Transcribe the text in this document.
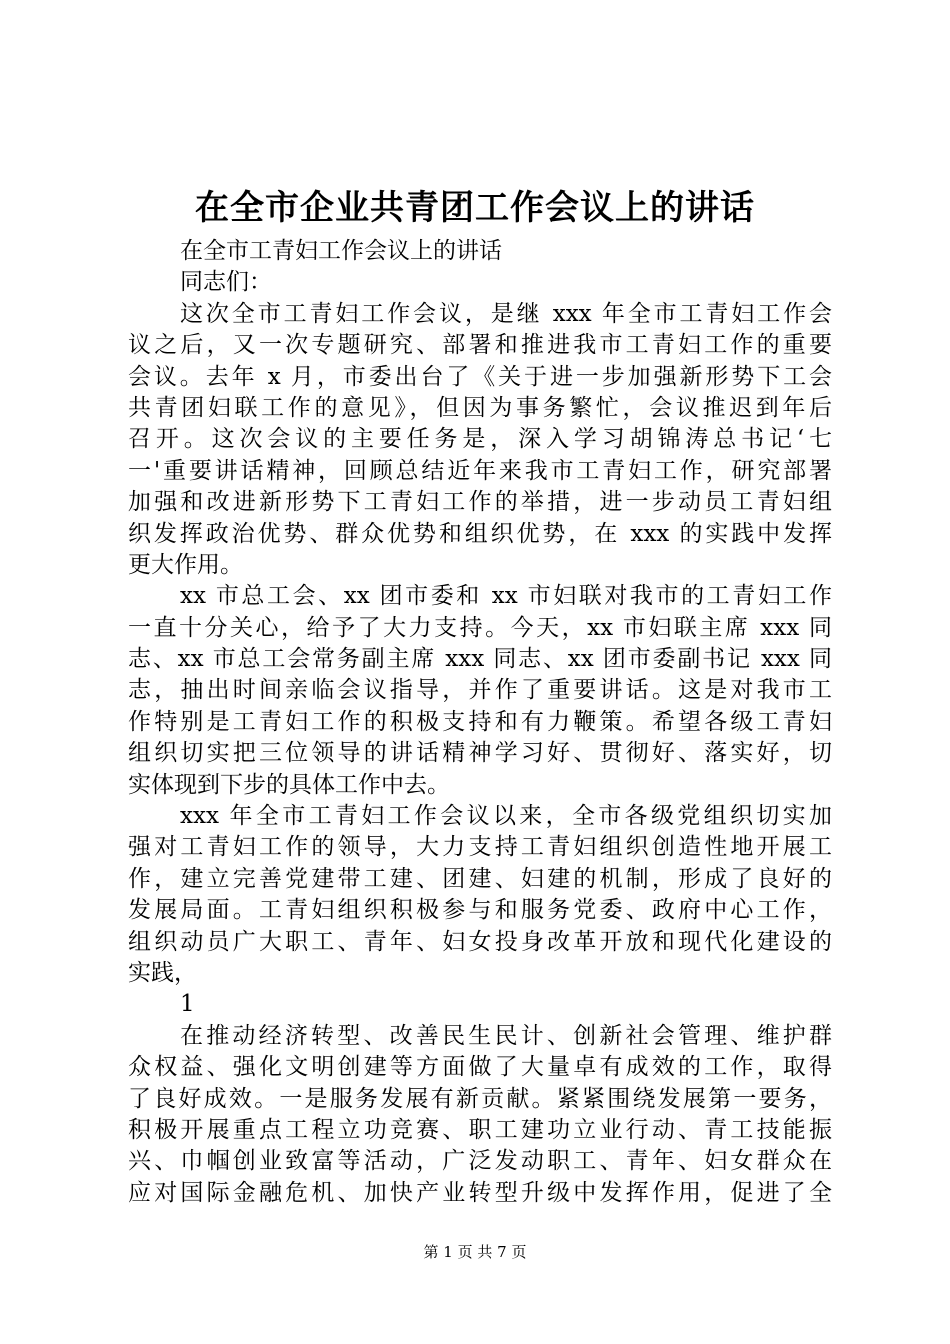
在全市企业共青团工作会议上的讲话
在全市工青妇工作会议上的讲话
同志们：
这次全市工青妇工作会议，是继 xxx 年全市工青妇工作会
议之后，又一次专题研究、部署和推进我市工青妇工作的重要
会议。去年 x 月，市委出台了《关于进一步加强新形势下工会
共青团妇联工作的意见》，但因为事务繁忙，会议推迟到年后
召开。这次会议的主要任务是，深入学习胡锦涛总书记‘七
一'重要讲话精神，回顾总结近年来我市工青妇工作，研究部署
加强和改进新形势下工青妇工作的举措，进一步动员工青妇组
织发挥政治优势、群众优势和组织优势，在 xxx 的实践中发挥
更大作用。
xx 市总工会、xx 团市委和 xx 市妇联对我市的工青妇工作
一直十分关心，给予了大力支持。今天，xx 市妇联主席 xxx 同
志、xx 市总工会常务副主席 xxx 同志、xx 团市委副书记 xxx 同
志，抽出时间亲临会议指导，并作了重要讲话。这是对我市工
作特别是工青妇工作的积极支持和有力鞭策。希望各级工青妇
组织切实把三位领导的讲话精神学习好、贯彻好、落实好，切
实体现到下步的具体工作中去。
xxx 年全市工青妇工作会议以来，全市各级党组织切实加
强对工青妇工作的领导，大力支持工青妇组织创造性地开展工
作，建立完善党建带工建、团建、妇建的机制，形成了良好的
发展局面。工青妇组织积极参与和服务党委、政府中心工作，
组织动员广大职工、青年、妇女投身改革开放和现代化建设的
实践，
1
在推动经济转型、改善民生民计、创新社会管理、维护群
众权益、强化文明创建等方面做了大量卓有成效的工作，取得
了良好成效。一是服务发展有新贡献。紧紧围绕发展第一要务，
积极开展重点工程立功竞赛、职工建功立业行动、青工技能振
兴、巾帼创业致富等活动，广泛发动职工、青年、妇女群众在
应对国际金融危机、加快产业转型升级中发挥作用，促进了全
第 1 页 共 7 页
